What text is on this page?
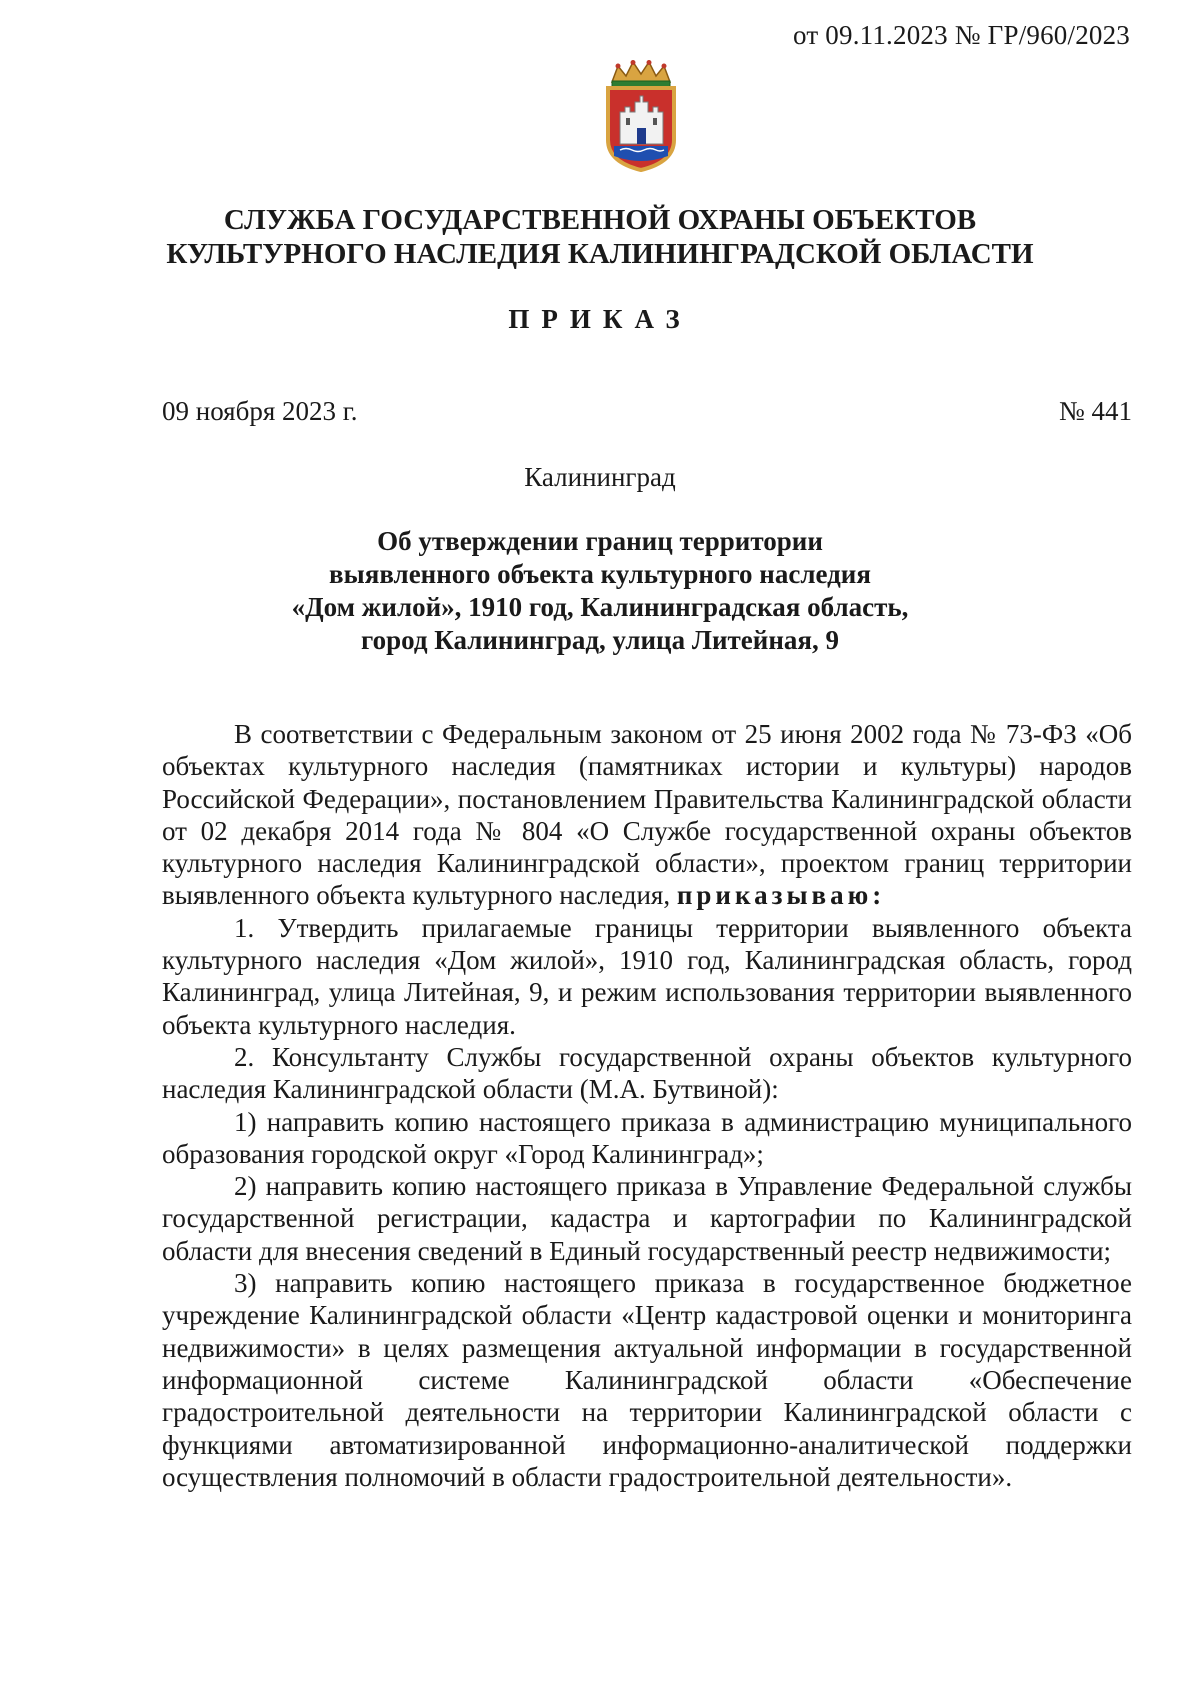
от 09.11.2023 № ГР/960/2023
СЛУЖБА ГОСУДАРСТВЕННОЙ ОХРАНЫ ОБЪЕКТОВ
КУЛЬТУРНОГО НАСЛЕДИЯ КАЛИНИНГРАДСКОЙ ОБЛАСТИ
ПРИКАЗ
09 ноября 2023 г.	№ 441
Калининград
Об утверждении границ территории
выявленного объекта культурного наследия
«Дом жилой», 1910 год, Калининградская область,
город Калининград, улица Литейная, 9

В соответствии с Федеральным законом от 25 июня 2002 года № 73-ФЗ «Об объектах культурного наследия (памятниках истории и культуры) народов Российской Федерации», постановлением Правительства Калининградской области от 02 декабря 2014 года № 804 «О Службе государственной охраны объектов культурного наследия Калининградской области», проектом границ территории выявленного объекта культурного наследия, приказываю:

1. Утвердить прилагаемые границы территории выявленного объекта культурного наследия «Дом жилой», 1910 год, Калининградская область, город Калининград, улица Литейная, 9, и режим использования территории выявленного объекта культурного наследия.

2. Консультанту Службы государственной охраны объектов культурного наследия Калининградской области (М.А. Бутвиной):

1) направить копию настоящего приказа в администрацию муниципального образования городской округ «Город Калининград»;

2) направить копию настоящего приказа в Управление Федеральной службы государственной регистрации, кадастра и картографии по Калининградской области для внесения сведений в Единый государственный реестр недвижимости;

3) направить копию настоящего приказа в государственное бюджетное учреждение Калининградской области «Центр кадастровой оценки и мониторинга недвижимости» в целях размещения актуальной информации в государственной информационной системе Калининградской области «Обеспечение градостроительной деятельности на территории Калининградской области с функциями автоматизированной информационно-аналитической поддержки осуществления полномочий в области градостроительной деятельности».
